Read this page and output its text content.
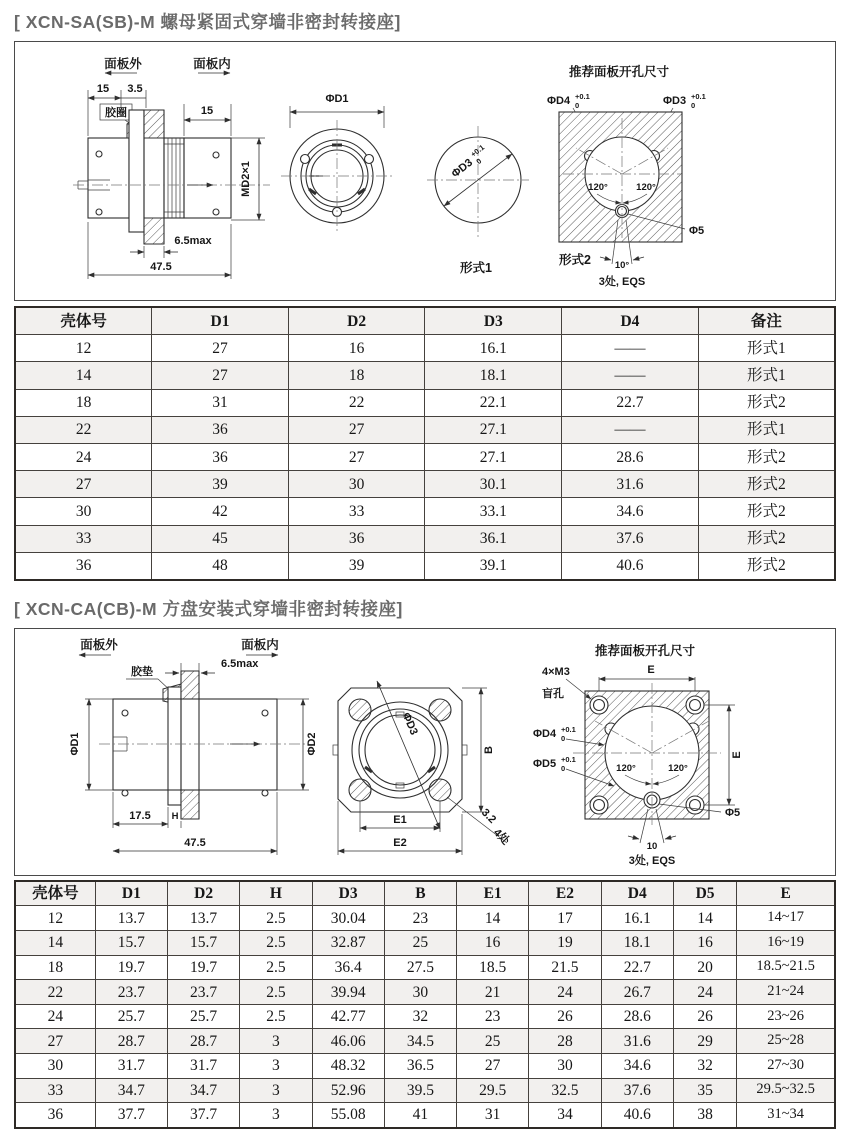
[ XCN-SA(SB)-M 螺母紧固式穿墙非密封转接座]
面板外	面板内
15 3.5
胶圈	15
MD2×1
6.5max
47.5
ΦD1
ΦD3
+0.1
0
形式1
推荐面板开孔尺寸
ΦD4 +0.1
0	ΦD3 +0.1
0
120°	120°
Φ5
形式2	10°
3处, EQS
壳体号	D1	D2	D3	D4	备注
12	27	16	16.1	——	形式1
14	27	18	18.1	——	形式1
18	31	22	22.1	22.7	形式2
22	36	27	27.1	——	形式1
24	36	27	27.1	28.6	形式2
27	39	30	30.1	31.6	形式2
30	42	33	33.1	34.6	形式2
33	45	36	36.1	37.6	形式2
36	48	39	39.1	40.6	形式2
[ XCN-CA(CB)-M 方盘安装式穿墙非密封转接座]
面板外	面板内
6.5max
胶垫
ΦD1	ΦD2
17.5 H
47.5
ΦD3
B
E1
E2
3.2
4处
推荐面板开孔尺寸
E
4×M3
盲孔
ΦD4 +0.1
0
ΦD5 +0.1
0	120°	120°
E
Φ5
10
3处, EQS
壳体号	D1	D2	H	D3	B	E1	E2	D4	D5	E
12	13.7	13.7	2.5	30.04	23	14	17	16.1	14	14~17
14	15.7	15.7	2.5	32.87	25	16	19	18.1	16	16~19
18	19.7	19.7	2.5	36.4	27.5	18.5	21.5	22.7	20	18.5~21.5
22	23.7	23.7	2.5	39.94	30	21	24	26.7	24	21~24
24	25.7	25.7	2.5	42.77	32	23	26	28.6	26	23~26
27	28.7	28.7	3	46.06	34.5	25	28	31.6	29	25~28
30	31.7	31.7	3	48.32	36.5	27	30	34.6	32	27~30
33	34.7	34.7	3	52.96	39.5	29.5	32.5	37.6	35	29.5~32.5
36	37.7	37.7	3	55.08	41	31	34	40.6	38	31~34
